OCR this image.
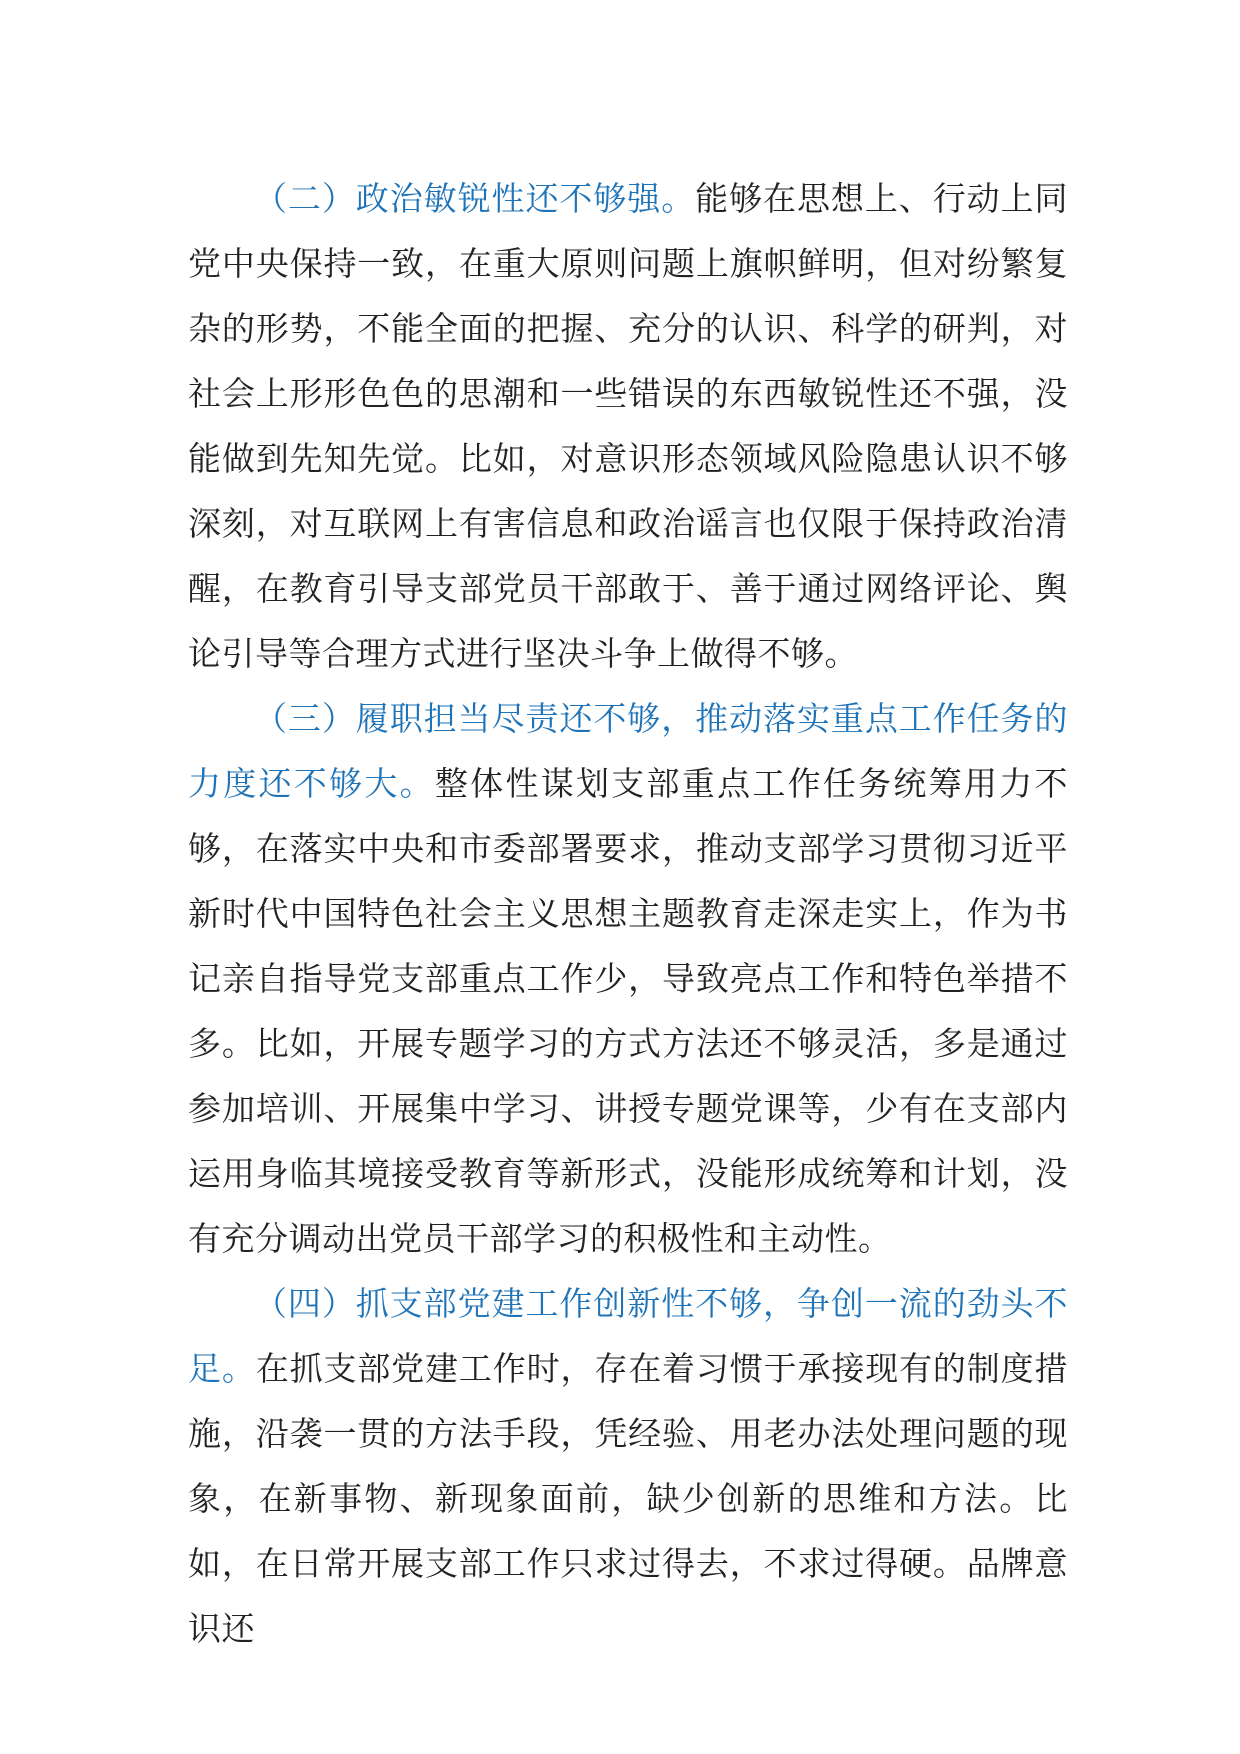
（二）政治敏锐性还不够强。能够在思想上、行动上同党中央保持一致，在重大原则问题上旗帜鲜明，但对纷繁复杂的形势，不能全面的把握、充分的认识、科学的研判，对社会上形形色色的思潮和一些错误的东西敏锐性还不强，没能做到先知先觉。比如，对意识形态领域风险隐患认识不够深刻，对互联网上有害信息和政治谣言也仅限于保持政治清醒，在教育引导支部党员干部敢于、善于通过网络评论、舆论引导等合理方式进行坚决斗争上做得不够。

（三）履职担当尽责还不够，推动落实重点工作任务的力度还不够大。整体性谋划支部重点工作任务统筹用力不够，在落实中央和市委部署要求，推动支部学习贯彻习近平新时代中国特色社会主义思想主题教育走深走实上，作为书记亲自指导党支部重点工作少，导致亮点工作和特色举措不多。比如，开展专题学习的方式方法还不够灵活，多是通过参加培训、开展集中学习、讲授专题党课等，少有在支部内运用身临其境接受教育等新形式，没能形成统筹和计划，没有充分调动出党员干部学习的积极性和主动性。

（四）抓支部党建工作创新性不够，争创一流的劲头不足。在抓支部党建工作时，存在着习惯于承接现有的制度措施，沿袭一贯的方法手段，凭经验、用老办法处理问题的现象，在新事物、新现象面前，缺少创新的思维和方法。比如，在日常开展支部工作只求过得去，不求过得硬。品牌意识还
